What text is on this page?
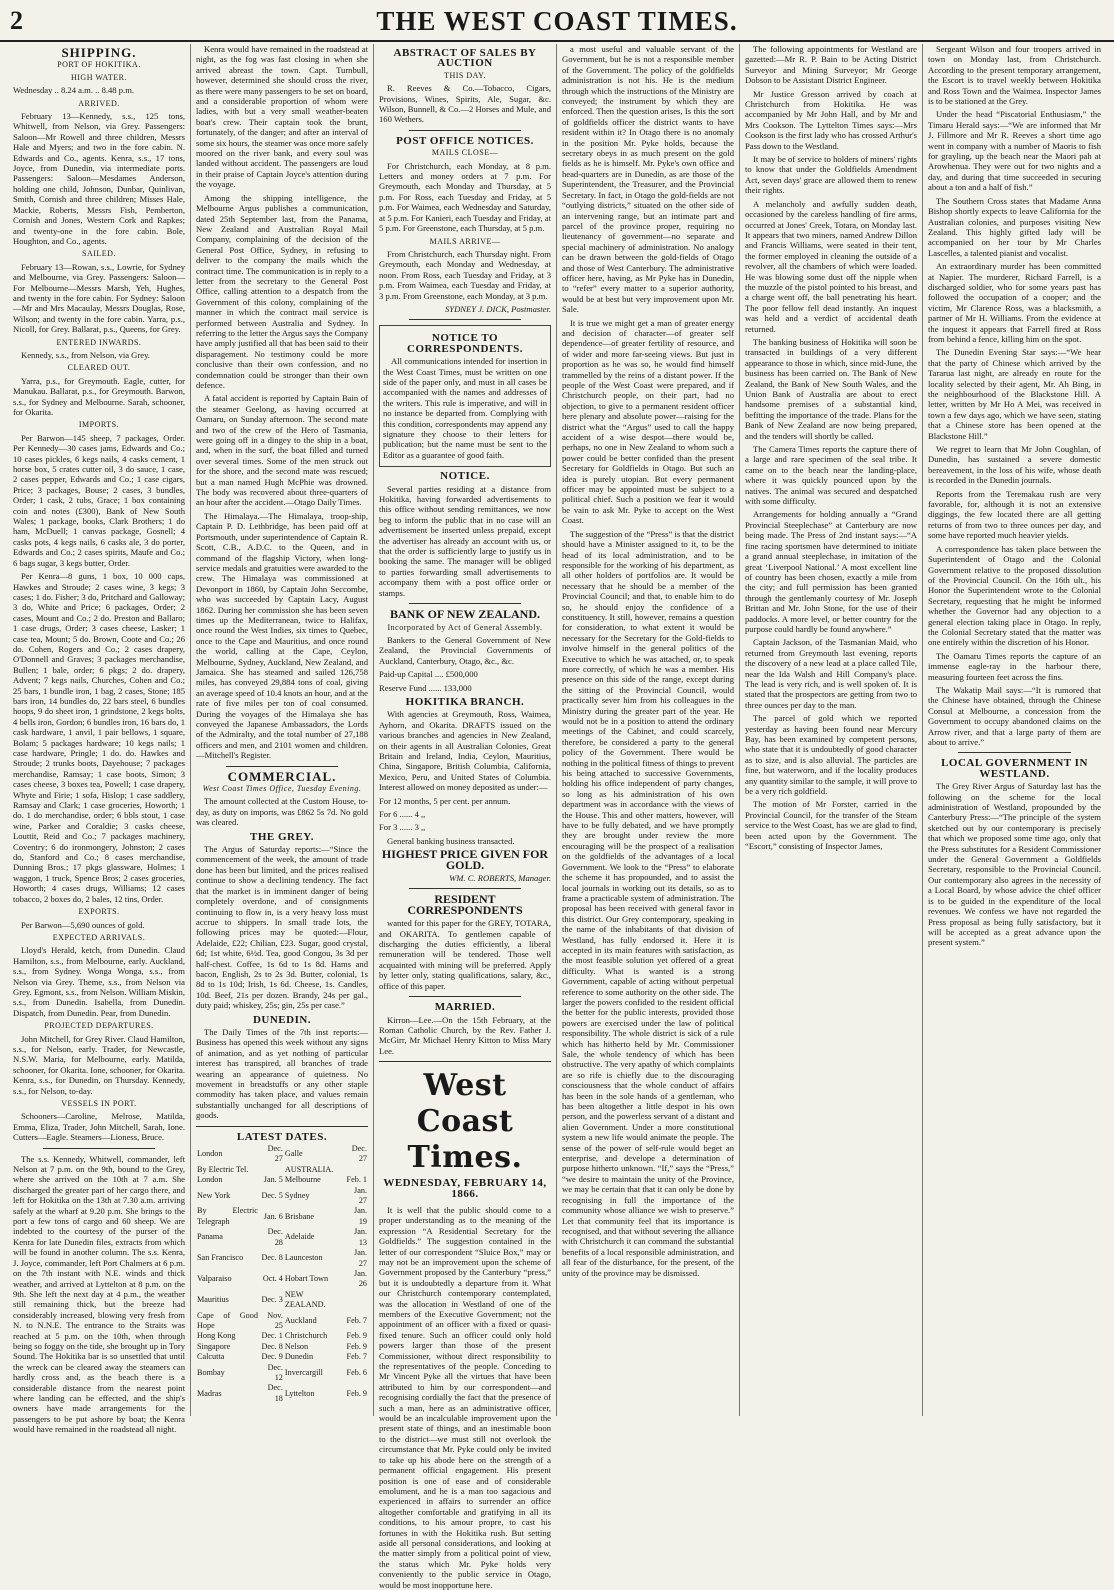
2	THE WEST COAST TIMES.
SHIPPING.
PORT OF HOKITIKA.
HIGH WATER.

Wednesday .. 8.24 a.m. .. 8.48 p.m.

ARRIVED.

February 13—Kennedy, s.s., 125 tons, Whitwell, from Nelson, via Grey. Passengers: Saloon—Mr Rowell and three children, Messrs Hale and Myers; and two in the fore cabin. N. Edwards and Co., agents. Kenra, s.s., 17 tons, Joyce, from Dunedin, via intermediate ports. Passengers: Saloon—Mesdames Anderson, holding one child, Johnson, Dunbar, Quinlivan, Smith, Cornish and three children; Misses Hale, Mackie, Roberts, Messrs Fish, Pemberton, Cornish and Jones, Western Cork and Rapkes; and twenty-one in the fore cabin. Bole, Houghton, and Co., agents.

SAILED.

February 13—Rowan, s.s., Lowrie, for Sydney and Melbourne, via Grey. Passengers: Saloon—For Melbourne—Messrs Marsh, Yeh, Hughes, and twenty in the fore cabin. For Sydney: Saloon—Mr and Mrs Macaulay, Messrs Douglas, Rose, Wilson; and twenty in the fore cabin. Yarra, p.s., Nicoll, for Grey. Ballarat, p.s., Queens, for Grey.

ENTERED INWARDS.

Kennedy, s.s., from Nelson, via Grey.

CLEARED OUT.

Yarra, p.s., for Greymouth. Eagle, cutter, for Manukau. Ballarat, p.s., for Greymouth. Barwon, s.s., for Sydney and Melbourne. Sarah, schooner, for Okarita.

IMPORTS.

Per Barwon—145 sheep, 7 packages, Order. Per Kennedy—30 cases jams, Edwards and Co.; 10 cases pickles, 6 kegs nails, 4 casks cement, 1 horse box, 5 crates cutter oil, 3 do sauce, 1 case, 2 cases pepper, Edwards and Co.; 1 case cigars, Price; 3 packages, Bouse; 2 cases, 3 bundles, Order; 1 cask, 2 tubs, Grace; 1 box containing coin and notes (£300), Bank of New South Wales; 1 package, books, Clark Brothers; 1 do ham, McDuell; 1 canvas package, Gosnell; 4 casks pots, 4 kegs nails, 6 casks ale, 3 do porter, Edwards and Co.; 2 cases spirits, Maufe and Co.; 6 bags sugar, 3 kegs butter, Order.

Per Kenra—8 guns, 1 box, 10 000 caps, Hawkes and Stroude; 2 cases wine, 3 kegs; 3 cases; 1 do. Fisher; 3 do, Pritchard and Galloway; 3 do, White and Price; 6 packages, Order; 2 cases, Mount and Co.; 2 do. Preston and Ballaro; 1 case drugs, Order; 3 cases cheese, Lasker; 1 case tea, Mount; 5 do. Brown, Coote and Co.; 26 do. Cohen, Rogers and Co.; 2 cases drapery, O'Donnell and Graves; 3 packages merchandise, Bullen; 1 bale, order; 6 pkgs; 2 do. drapery, Advent; 7 kegs nails, Churches, Cohen and Co.; 25 bars, 1 bundle iron, 1 bag, 2 cases, Stone; 185 bars iron, 14 bundles do, 22 bars steel, 6 bundles hoops, 9 do sheet iron, 1 grindstone, 2 kegs bolts, 4 bells iron, Gordon; 6 bundles iron, 16 bars do, 1 cask hardware, 1 anvil, 1 pair bellows, 1 square, Bolam; 5 packages hardware; 10 kegs nails; 1 case hardware, Pringle; 1 do. do. Hawkes and Stroude; 2 trunks boots, Dayehouse; 7 packages merchandise, Ramsay; 1 case boots, Simon; 3 cases cheese, 3 boxes tea, Powell; 1 case drapery, Whyte and Firie; 1 sofa, Hislop; 1 case saddlery, Ramsay and Clark; 1 case groceries, Howorth; 1 do. 1 do merchandise, order; 6 bbls stout, 1 case wine, Parker and Coraldie; 3 casks cheese, Louttit, Reid and Co.; 7 packages machinery, Coventry; 6 do ironmongery, Johnston; 2 cases do, Stanford and Co.; 8 cases merchandise, Dunning Bros.; 17 pkgs glassware, Holmes; 1 waggon, 1 truck, Spence Bros; 2 cases groceries, Howorth; 4 cases drugs, Williams; 12 cases tobacco, 2 boxes do, 2 bales, 12 tins, Order.

EXPORTS.

Per Barwon—5,690 ounces of gold.

EXPECTED ARRIVALS.

Lloyd's Herald, ketch, from Dunedin. Claud Hamilton, s.s., from Melbourne, early. Auckland, s.s., from Sydney. Wonga Wonga, s.s., from Nelson via Grey. Theme, s.s., from Nelson via Grey. Egmont, s.s., from Nelson. William Miskin, s.s., from Dunedin. Isabella, from Dunedin. Dispatch, from Dunedin. Pear, from Dunedin.

PROJECTED DEPARTURES.

John Mitchell, for Grey River. Claud Hamilton, s.s., for Nelson, early. Trader, for Newcastle, N.S.W. Maria, for Melbourne, early. Matilda, schooner, for Okarita. Ione, schooner, for Okarita. Kenra, s.s., for Dunedin, on Thursday. Kennedy, s.s., for Nelson, to-day.

VESSELS IN PORT.

Schooners—Caroline, Melrose, Matilda, Emma, Eliza, Trader, John Mitchell, Sarah, Ione. Cutters—Eagle. Steamers—Lioness, Bruce.

The s.s. Kennedy, Whitwell, commander, left Nelson at 7 p.m. on the 9th, bound to the Grey, where she arrived on the 10th at 7 a.m. She discharged the greater part of her cargo there, and left for Hokitika on the 13th at 7.30 a.m. arriving safely at the wharf at 9.20 p.m. She brings to the port a few tons of cargo and 60 sheep. We are indebted to the courtesy of the purser of the Kenra for late Dunedin files, extracts from which will be found in another column. The s.s. Kenra, J. Joyce, commander, left Port Chalmers at 6 p.m. on the 7th instant with N.E. winds and thick weather, and arrived at Lyttelton at 8 p.m. on the 9th. She left the next day at 4 p.m., the weather still remaining thick, but the breeze had considerably increased, blowing very fresh from N. to N.N.E. The entrance to the Straits was reached at 5 p.m. on the 10th, when through being so foggy on the tide, she brought up in Tory Sound. The Hokitika bar is so unsettled that until the wreck can be cleared away the steamers can hardly cross and, as the beach there is a considerable distance from the nearest point where landing can be effected, and the ship's owners have made arrangements for the passengers to be put ashore by boat; the Kenra would have remained in the roadstead all night.

Kenra would have remained in the roadstead at night, as the fog was fast closing in when she arrived abreast the town. Capt. Turnbull, however, determined she should cross the river, as there were many passengers to be set on board, and a considerable proportion of whom were ladies, with but a very small weather-beaten boat's crew. Their captain took the brunt, fortunately, of the danger; and after an interval of some six hours, the steamer was once more safely moored on the river bank, and every soul was landed without accident. The passengers are loud in their praise of Captain Joyce's attention during the voyage.

Among the shipping intelligence, the Melbourne Argus publishes a communication, dated 25th September last, from the Panama, New Zealand and Australian Royal Mail Company, complaining of the decision of the General Post Office, Sydney, in refusing to deliver to the company the mails which the contract time. The communication is in reply to a letter from the secretary to the General Post Office, calling attention to a despatch from the Government of this colony, complaining of the manner in which the contract mail service is performed between Australia and Sydney. In referring to the letter the Argus says the Company have amply justified all that has been said to their disparagement. No testimony could be more conclusive than their own confession, and no condemnation could be stronger than their own defence.

A fatal accident is reported by Captain Bain of the steamer Geelong, as having occurred at Oamaru, on Sunday afternoon. The second mate and two of the crew of the Hero of Tasmania, were going off in a dingey to the ship in a boat, and, when in the surf, the boat filled and turned over several times. Some of the men struck out for the shore, and the second mate was rescued; but a man named Hugh McPhie was drowned. The body was recovered about three-quarters of an hour after the accident.—Otago Daily Times.

The Himalaya.—The Himalaya, troop-ship, Captain P. D. Lethbridge, has been paid off at Portsmouth, under superintendence of Captain R. Scott, C.B., A.D.C. to the Queen, and in command of the flagship Victory, when long-service medals and gratuities were awarded to the crew. The Himalaya was commissioned at Devonport in 1860, by Captain John Seccombe, who was succeeded by Captain Lacy, August 1862. During her commission she has been seven times up the Mediterranean, twice to Halifax, once round the West Indies, six times to Quebec, once to the Cape and Mauritius, and once round the world, calling at the Cape, Ceylon, Melbourne, Sydney, Auckland, New Zealand, and Jamaica. She has steamed and sailed 126,758 miles, has conveyed 29,884 tons of coal, giving an average speed of 10.4 knots an hour, and at the rate of five miles per ton of coal consumed. During the voyages of the Himalaya she has conveyed the Japanese Ambassadors, the Lords of the Admiralty, and the total number of 27,188 officers and men, and 2101 women and children.—Mitchell's Register.

COMMERCIAL.
West Coast Times Office, Tuesday Evening.

The amount collected at the Custom House, to-day, as duty on imports, was £862 5s 7d. No gold was cleared.

THE GREY.

The Argus of Saturday reports:—“Since the commencement of the week, the amount of trade done has been but limited, and the prices realised continue to show a declining tendency. The fact that the market is in imminent danger of being completely overdone, and of consignments continuing to flow in, is a very heavy loss must accrue to shippers. In small trade lots, the following prices may be quoted:—Flour, Adelaide, £22; Chilian, £23. Sugar, good crystal, 6d; 1st white, 6½d. Tea, good Congou, 3s 3d per half-chest. Coffee, 1s 6d to 1s 8d. Hams and bacon, English, 2s to 2s 3d. Butter, colonial, 1s 8d to 1s 10d; Irish, 1s 6d. Cheese, 1s. Candles, 10d. Beef, 21s per dozen. Brandy, 24s per gal., duty paid; whiskey, 25s; gin, 25s per case.”

DUNEDIN.

The Daily Times of the 7th inst reports:—Business has opened this week without any signs of animation, and as yet nothing of particular interest has transpired, all branches of trade wearing an appearance of quietness. No movement in breadstuffs or any other staple commodity has taken place, and values remain substantially unchanged for all descriptions of goods.

LATEST DATES.
London	Dec. 27	Galle	Dec. 27
By Electric Tel.		AUSTRALIA.	
London	Jan. 5	Melbourne	Feb. 1
New York	Dec. 5	Sydney	Jan. 27
By Electric Telegraph	Jan. 6	Brisbane	Jan. 19
Panama	Dec. 28	Adelaide	Jan. 13
San Francisco	Dec. 8	Launceston	Jan. 27
Valparaiso	Oct. 4	Hobart Town	Jan. 26
Mauritius	Dec. 3	NEW ZEALAND.	
Cape of Good Hope	Nov. 25	Auckland	Feb. 7
Hong Kong	Dec. 1	Christchurch	Feb. 9
Singapore	Dec. 8	Nelson	Feb. 9
Calcutta	Dec. 9	Dunedin	Feb. 7
Bombay	Dec. 12	Invercargill	Feb. 6
Madras	Dec. 18	Lyttelton	Feb. 9
ABSTRACT OF SALES BY AUCTION
THIS DAY.

R. Reeves & Co.—Tobacco, Cigars, Provisions, Wines, Spirits, Ale, Sugar, &c. Wilson, Bunnell, & Co.—2 Horses and Mule, and 160 Wethers.

POST OFFICE NOTICES.
MAILS CLOSE—

For Christchurch, each Monday, at 8 p.m. Letters and money orders at 7 p.m. For Greymouth, each Monday and Thursday, at 5 p.m. For Ross, each Tuesday and Friday, at 5 p.m. For Waimea, each Wednesday and Saturday, at 5 p.m. For Kanieri, each Tuesday and Friday, at 5 p.m. For Greenstone, each Thursday, at 5 p.m.

MAILS ARRIVE—

From Christchurch, each Thursday night. From Greymouth, each Monday and Wednesday, at noon. From Ross, each Tuesday and Friday, at 3 p.m. From Waimea, each Tuesday and Friday, at 3 p.m. From Greenstone, each Monday, at 3 p.m.

SYDNEY J. DICK, Postmaster.
NOTICE TO CORRESPONDENTS.

All communications intended for insertion in the West Coast Times, must be written on one side of the paper only, and must in all cases be accompanied with the names and addresses of the writers. This rule is imperative, and will in no instance be departed from. Complying with this condition, correspondents may append any signature they choose to their letters for publication; but the name must be sent to the Editor as a guarantee of good faith.

NOTICE.

Several parties residing at a distance from Hokitika, having forwarded advertisements to this office without sending remittances, we now beg to inform the public that in no case will an advertisement be inserted unless prepaid, except the advertiser has already an account with us, or that the order is sufficiently large to justify us in booking the same. The manager will be obliged to parties forwarding small advertisements to accompany them with a post office order or stamps.

BANK OF NEW ZEALAND.
Incorporated by Act of General Assembly.

Bankers to the General Government of New Zealand, the Provincial Governments of Auckland, Canterbury, Otago, &c., &c.

Paid-up Capital .... £500,000

Reserve Fund ...... 133,000

HOKITIKA BRANCH.

With agencies at Greymouth, Ross, Waimea, Ayhorn, and Okarita. DRAFTS issued on the various branches and agencies in New Zealand, on their agents in all Australian Colonies, Great Britain and Ireland, India, Ceylon, Mauritius, China, Singapore, British Columbia, California, Mexico, Peru, and United States of Columbia. Interest allowed on money deposited as under:—

For 12 months, 5 per cent. per annum.

For 6 ...... 4 ,,

For 3 ...... 3 ,,

General banking business transacted.

HIGHEST PRICE GIVEN FOR GOLD.
WM. C. ROBERTS, Manager.
RESIDENT CORRESPONDENTS

wanted for this paper for the GREY, TOTARA, and OKARITA. To gentlemen capable of discharging the duties efficiently, a liberal remuneration will be tendered. Those well acquainted with mining will be preferred. Apply by letter only, stating qualifications, salary, &c., office of this paper.

MARRIED.

Kirron—Lee.—On the 15th February, at the Roman Catholic Church, by the Rev. Father J. McGirr, Mr Michael Henry Kitton to Miss Mary Lee.

West Coast Times.
WEDNESDAY, FEBRUARY 14, 1866.

It is well that the public should come to a proper understanding as to the meaning of the expression “A Residential Secretary for the Goldfields.” The suggestion contained in the letter of our correspondent “Sluice Box,” may or may not be an improvement upon the scheme of Government proposed by the Canterbury “press,” but it is undoubtedly a departure from it. What our Christchurch contemporary contemplated, was the allocation in Westland of one of the members of the Executive Government; not the appointment of an officer with a fixed or quasi-fixed tenure. Such an officer could only hold powers larger than those of the present Commissioner, without direct responsibility to the representatives of the people. Conceding to Mr Vincent Pyke all the virtues that have been attributed to him by our correspondent—and recognising cordially the fact that the presence of such a man, here as an administrative officer, would be an incalculable improvement upon the present state of things, and an inestimable boon to the district—we must still not overlook the circumstance that Mr. Pyke could only be invited to take up his abode here on the strength of a permanent official engagement. His present position is one of ease and of considerable emolument, and he is a man too sagacious and experienced in affairs to surrender an office altogether comfortable and gratifying in all its conditions, to his amour propre, to cast his fortunes in with the Hokitika rush. But setting aside all personal considerations, and looking at the matter simply from a political point of view, the status which Mr. Pyke holds very conveniently to the public service in Otago, would be most inopportune here.

a most useful and valuable servant of the Government, but he is not a responsible member of the Government. The policy of the goldfields administration is not his. He is the medium through which the instructions of the Ministry are conveyed; the instrument by which they are enforced. Then the question arises, Is this the sort of goldfields officer the district wants to have resident within it? In Otago there is no anomaly in the position Mr. Pyke holds, because the secretary obeys in as much present on the gold fields as he is himself. Mr. Pyke's own office and head-quarters are in Dunedin, as are those of the Superintendent, the Treasurer, and the Provincial Secretary. In fact, in Otago the gold-fields are not “outlying districts,” situated on the other side of an intervening range, but an intimate part and parcel of the province proper, requiring no lieutenancy of government—no separate and special machinery of administration. No analogy can be drawn between the gold-fields of Otago and those of West Canterbury. The administrative officer here, having, as Mr Pyke has in Dunedin, to “refer” every matter to a superior authority, would be at best but very improvement upon Mr. Sale.

It is true we might get a man of greater energy and decision of character—of greater self dependence—of greater fertility of resource, and of wider and more far-seeing views. But just in proportion as he was so, he would find himself trammelled by the reins of a distant power. If the people of the West Coast were prepared, and if Christchurch people, on their part, had no objection, to give to a permanent resident officer here plenary and absolute power—raising for the district what the “Argus” used to call the happy accident of a wise despot—there would be, perhaps, no one in New Zealand to whom such a power could be better confided than the present Secretary for Goldfields in Otago. But such an idea is purely utopian. But every permanent officer may be appointed must be subject to a political chief. Such a position we fear it would be vain to ask Mr. Pyke to accept on the West Coast.

The suggestion of the “Press” is that the district should have a Minister assigned to it, to be the head of its local administration, and to be responsible for the working of his department, as all other holders of portfolios are. It would be necessary that he should be a member of the Provincial Council; and that, to enable him to do so, he should enjoy the confidence of a constituency. It still, however, remains a question for consideration, to what extent it would be necessary for the Secretary for the Gold-fields to involve himself in the general politics of the Executive to which he was attached, or, to speak more correctly, of which he was a member. His presence on this side of the range, except during the sitting of the Provincial Council, would practically sever him from his colleagues in the Ministry during the greater part of the year. He would not be in a position to attend the ordinary meetings of the Cabinet, and could scarcely, therefore, be considered a party to the general policy of the Government. There would be nothing in the political fitness of things to prevent his being attached to successive Governments, holding his office independent of party changes, so long as his administration of his own department was in accordance with the views of the House. This and other matters, however, will have to be fully debated, and we have promptly they are brought under review the more encouraging will be the prospect of a realisation on the goldfields of the advantages of a local Government. We look to the “Press” to elaborate the scheme it has propounded, and to assist the local journals in working out its details, so as to frame a practicable system of administration. The proposal has been received with general favor in this district. Our Grey contemporary, speaking in the name of the inhabitants of that division of Westland, has fully endorsed it. Here it is accepted in its main features with satisfaction, as the most feasible solution yet offered of a great difficulty. What is wanted is a strong Government, capable of acting without perpetual reference to some authority on the other side. The larger the powers confided to the resident official the better for the public interests, provided those powers are exercised under the law of political responsibility. The whole district is sick of a rule which has hitherto held by Mr. Commissioner Sale, the whole tendency of which has been obstructive. The very apathy of which complaints are so rife is chiefly due to the discouraging consciousness that the whole conduct of affairs has been in the sole hands of a gentleman, who has been altogether a little despot in his own person, and the powerless servant of a distant and alien Government. Under a more constitutional system a new life would animate the people. The sense of the power of self-rule would beget an enterprise, and develope a determination of purpose hitherto unknown. “If,” says the “Press,” “we desire to maintain the unity of the Province, we may be certain that that it can only be done by recognising in full the importance of the community whose alliance we wish to preserve.” Let that community feel that its importance is recognised, and that without severing the alliance with Christchurch it can command the substantial benefits of a local responsible administration, and all fear of the disturbance, for the present, of the unity of the province may be dismissed.

The following appointments for Westland are gazetted:—Mr R. P. Bain to be Acting District Surveyor and Mining Surveyor; Mr George Dobson to be Assistant District Engineer.

Mr Justice Gresson arrived by coach at Christchurch from Hokitika. He was accompanied by Mr John Hall, and by Mr and Mrs Cookson. The Lyttelton Times says:—Mrs Cookson is the first lady who has crossed Arthur's Pass down to the Westland.

It may be of service to holders of miners' rights to know that under the Goldfields Amendment Act, seven days' grace are allowed them to renew their rights.

A melancholy and awfully sudden death, occasioned by the careless handling of fire arms, occurred at Jones' Creek, Totara, on Monday last. It appears that two miners, named Andrew Dillon and Francis Williams, were seated in their tent, the former employed in cleaning the outside of a revolver, all the chambers of which were loaded. He was blowing some dust off the nipple when the muzzle of the pistol pointed to his breast, and a charge went off, the ball penetrating his heart. The poor fellow fell dead instantly. An inquest was held and a verdict of accidental death returned.

The banking business of Hokitika will soon be transacted in buildings of a very different appearance to those in which, since mid-June, the business has been carried on. The Bank of New Zealand, the Bank of New South Wales, and the Union Bank of Australia are about to erect handsome premises of a substantial kind, befitting the importance of the trade. Plans for the Bank of New Zealand are now being prepared, and the tenders will shortly be called.

The Camera Times reports the capture there of a large and rare specimen of the seal tribe. It came on to the beach near the landing-place, where it was quickly pounced upon by the natives. The animal was secured and despatched with some difficulty.

Arrangements for holding annually a “Grand Provincial Steeplechase” at Canterbury are now being made. The Press of 2nd instant says:—“A fine racing sportsmen have determined to initiate a grand annual steeplechase, in imitation of the great ‘Liverpool National.’ A most excellent line of country has been chosen, exactly a mile from the city; and full permission has been granted through the gentlemanly courtesy of Mr. Joseph Brittan and Mr. John Stone, for the use of their paddocks. A more level, or better country for the purpose could hardly be found anywhere.”

Captain Jackson, of the Tasmanian Maid, who returned from Greymouth last evening, reports the discovery of a new lead at a place called Tile, near the Ida Walsh and Hill Company's place. The lead is very rich, and is well spoken of. It is stated that the prospectors are getting from two to three ounces per day to the man.

The parcel of gold which we reported yesterday as having been found near Mercury Bay, has been examined by competent persons, who state that it is undoubtedly of good character as to size, and is also alluvial. The particles are fine, but waterworn, and if the locality produces any quantity similar to the sample, it will prove to be a very rich goldfield.

The motion of Mr Forster, carried in the Provincial Council, for the transfer of the Steam service to the West Coast, has we are glad to find, been acted upon by the Government. The “Escort,” consisting of Inspector James,

Sergeant Wilson and four troopers arrived in town on Monday last, from Christchurch. According to the present temporary arrangement, the Escort is to travel weekly between Hokitika and Ross Town and the Waimea. Inspector James is to be stationed at the Grey.

Under the head “Piscatorial Enthusiasm,” the Timaru Herald says:—“We are informed that Mr J. Fillmore and Mr R. Reeves a short time ago went in company with a number of Maoris to fish for grayling, up the beach near the Maori pah at Arowhenua. They were out for two nights and a day, and during that time succeeded in securing about a ton and a half of fish.”

The Southern Cross states that Madame Anna Bishop shortly expects to leave California for the Australian colonies, and purposes visiting New Zealand. This highly gifted lady will be accompanied on her tour by Mr Charles Lascelles, a talented pianist and vocalist.

An extraordinary murder has been committed at Napier. The murderer, Richard Farrell, is a discharged soldier, who for some years past has followed the occupation of a cooper; and the victim, Mr Clarence Ross, was a blacksmith, a partner of Mr H. Williams. From the evidence at the inquest it appears that Farrell fired at Ross from behind a fence, killing him on the spot.

The Dunedin Evening Star says:—“We hear that the party of Chinese which arrived by the Tararua last night, are already en route for the locality selected by their agent, Mr. Ah Bing, in the neighbourhood of the Blackstone Hill. A letter, written by Mr Ho A Mei, was received in town a few days ago, which we have seen, stating that a Chinese store has been opened at the Blackstone Hill.”

We regret to learn that Mr John Coughlan, of Dunedin, has sustained a severe domestic bereavement, in the loss of his wife, whose death is recorded in the Dunedin journals.

Reports from the Teremakau rush are very favorable, for, although it is not an extensive diggings, the few located there are all getting returns of from two to three ounces per day, and some have reported much heavier yields.

A correspondence has taken place between the Superintendent of Otago and the Colonial Government relative to the proposed dissolution of the Provincial Council. On the 16th ult., his Honor the Superintendent wrote to the Colonial Secretary, requesting that he might be informed whether the Governor had any objection to a general election taking place in Otago. In reply, the Colonial Secretary stated that the matter was one entirely within the discretion of his Honor.

The Oamaru Times reports the capture of an immense eagle-ray in the harbour there, measuring fourteen feet across the fins.

The Wakatip Mail says:—“It is rumored that the Chinese have obtained, through the Chinese Consul at Melbourne, a concession from the Government to occupy abandoned claims on the Arrow river, and that a large party of them are about to arrive.”

LOCAL GOVERNMENT IN WESTLAND.

The Grey River Argus of Saturday last has the following on the scheme for the local administration of Westland, propounded by the Canterbury Press:—“The principle of the system sketched out by our contemporary is precisely that which we proposed some time ago, only that the Press substitutes for a Resident Commissioner under the General Government a Goldfields Secretary, responsible to the Provincial Council. Our contemporary also agrees in the necessity of a Local Board, by whose advice the chief officer is to be guided in the expenditure of the local revenues. We confess we have not regarded the Press proposal as being fully satisfactory, but it will be accepted as a great advance upon the present system.”
